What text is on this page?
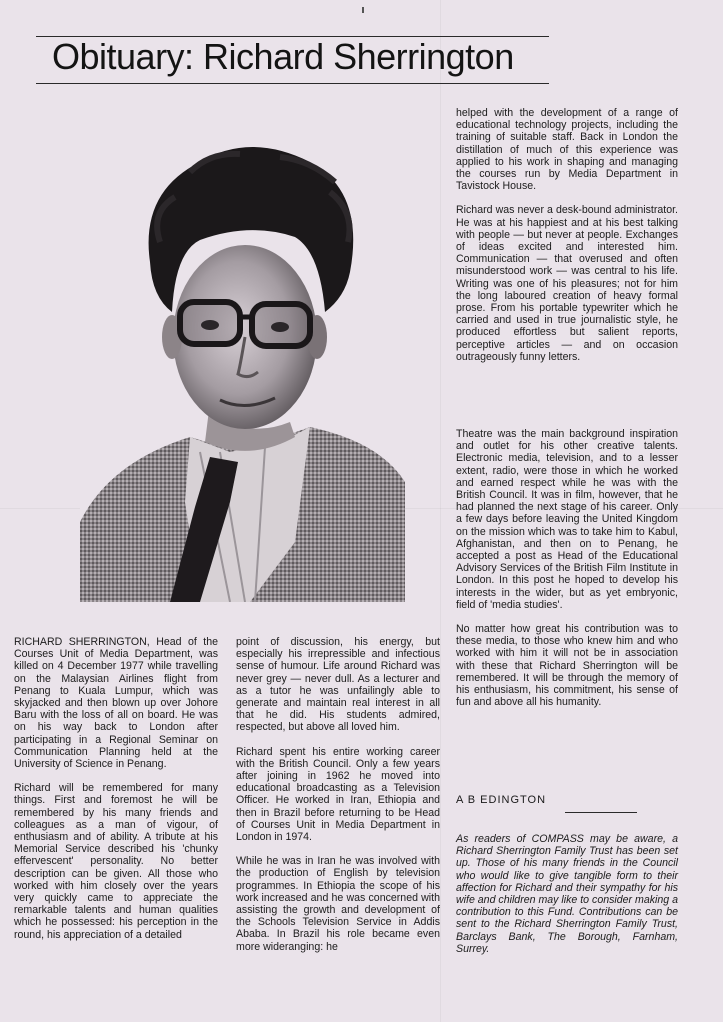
Obituary: Richard Sherrington

RICHARD SHERRINGTON, Head of the Courses Unit of Media Department, was killed on 4 December 1977 while travelling on the Malaysian Airlines flight from Penang to Kuala Lumpur, which was skyjacked and then blown up over Johore Baru with the loss of all on board. He was on his way back to London after participating in a Regional Seminar on Communication Planning held at the University of Science in Penang.

Richard will be remembered for many things. First and foremost he will be remembered by his many friends and colleagues as a man of vigour, of enthusiasm and of ability. A tribute at his Memorial Service described his 'chunky effervescent' personality. No better description can be given. All those who worked with him closely over the years very quickly came to appreciate the remarkable talents and human qualities which he possessed: his perception in the round, his appreciation of a detailed

point of discussion, his energy, but especially his irrepressible and infectious sense of humour. Life around Richard was never grey — never dull. As a lecturer and as a tutor he was unfailingly able to generate and maintain real interest in all that he did. His students admired, respected, but above all loved him.

Richard spent his entire working career with the British Council. Only a few years after joining in 1962 he moved into educational broadcasting as a Television Officer. He worked in Iran, Ethiopia and then in Brazil before returning to be Head of Courses Unit in Media Department in London in 1974.

While he was in Iran he was involved with the production of English by television programmes. In Ethiopia the scope of his work increased and he was concerned with assisting the growth and development of the Schools Television Service in Addis Ababa. In Brazil his role became even more wideranging: he

helped with the development of a range of educational technology projects, including the training of suitable staff. Back in London the distillation of much of this experience was applied to his work in shaping and managing the courses run by Media Department in Tavistock House.

Richard was never a desk-bound administrator. He was at his happiest and at his best talking with people — but never at people. Exchanges of ideas excited and interested him. Communication — that overused and often misunderstood work — was central to his life. Writing was one of his pleasures; not for him the long laboured creation of heavy formal prose. From his portable typewriter which he carried and used in true journalistic style, he produced effortless but salient reports, perceptive articles — and on occasion outrageously funny letters.

Theatre was the main background inspiration and outlet for his other creative talents. Electronic media, television, and to a lesser extent, radio, were those in which he worked and earned respect while he was with the British Council. It was in film, however, that he had planned the next stage of his career. Only a few days before leaving the United Kingdom on the mission which was to take him to Kabul, Afghanistan, and then on to Penang, he accepted a post as Head of the Educational Advisory Services of the British Film Institute in London. In this post he hoped to develop his interests in the wider, but as yet embryonic, field of 'media studies'.

No matter how great his contribution was to these media, to those who knew him and who worked with him it will not be in association with these that Richard Sherrington will be remembered. It will be through the memory of his enthusiasm, his commitment, his sense of fun and above all his humanity.

A B EDINGTON
As readers of COMPASS may be aware, a Richard Sherrington Family Trust has been set up. Those of his many friends in the Council who would like to give tangible form to their affection for Richard and their sympathy for his wife and children may like to consider making a contribution to this Fund. Contributions can be sent to the Richard Sherrington Family Trust, Barclays Bank, The Borough, Farnham, Surrey.
